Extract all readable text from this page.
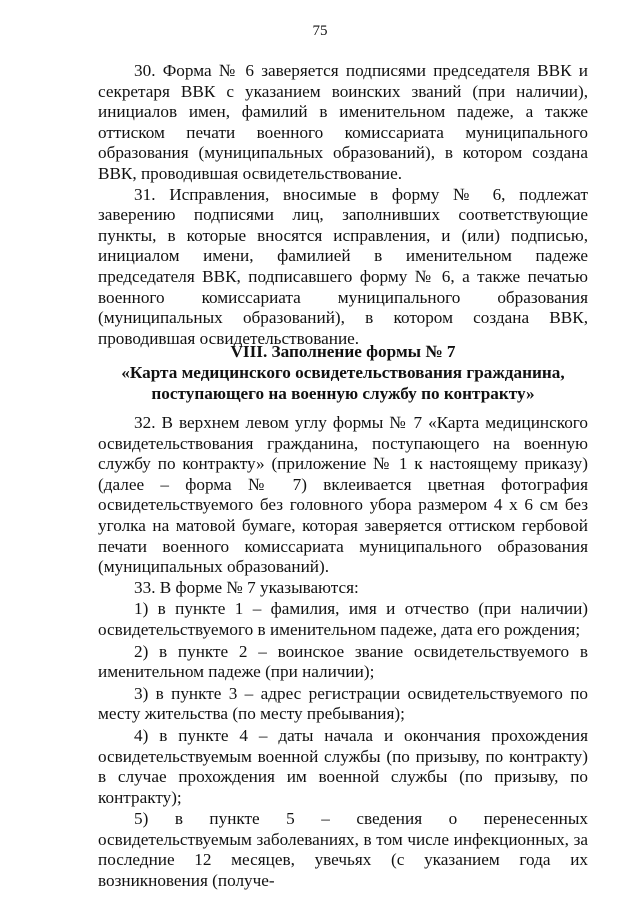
75

30. Форма № 6 заверяется подписями председателя ВВК и секретаря ВВК с указанием воинских званий (при наличии), инициалов имен, фамилий в именительном падеже, а также оттиском печати военного комиссариата муниципального образования (муниципальных образований), в котором создана ВВК, проводившая освидетельствование.

31. Исправления, вносимые в форму № 6, подлежат заверению подписями лиц, заполнивших соответствующие пункты, в которые вносятся исправления, и (или) подписью, инициалом имени, фамилией в именительном падеже председателя ВВК, подписавшего форму № 6, а также печатью военного комиссариата муниципального образования (муниципальных образований), в котором создана ВВК, проводившая освидетельствование.

VIII. Заполнение формы № 7
«Карта медицинского освидетельствования гражданина,
поступающего на военную службу по контракту»

32. В верхнем левом углу формы № 7 «Карта медицинского освидетельствования гражданина, поступающего на военную службу по контракту» (приложение № 1 к настоящему приказу) (далее – форма № 7) вклеивается цветная фотография освидетельствуемого без головного убора размером 4 х 6 см без уголка на матовой бумаге, которая заверяется оттиском гербовой печати военного комиссариата муниципального образования (муниципальных образований).

33. В форме № 7 указываются:

1) в пункте 1 – фамилия, имя и отчество (при наличии) освидетельствуемого в именительном падеже, дата его рождения;

2) в пункте 2 – воинское звание освидетельствуемого в именительном падеже (при наличии);

3) в пункте 3 – адрес регистрации освидетельствуемого по месту жительства (по месту пребывания);

4) в пункте 4 – даты начала и окончания прохождения освидетельствуемым военной службы (по призыву, по контракту) в случае прохождения им военной службы (по призыву, по контракту);

5) в пункте 5 – сведения о перенесенных освидетельствуемым заболеваниях, в том числе инфекционных, за последние 12 месяцев, увечьях (с указанием года их возникновения (получе-
